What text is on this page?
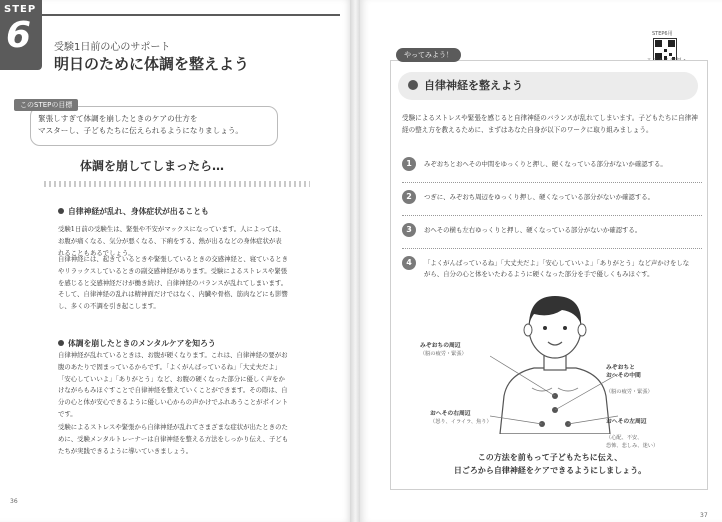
STEP
6 受験1日前の心のサポート
明日のために体調を整えよう
このSTEPの目標
緊張しすぎて体調を崩したときのケアの仕方を
マスターし、子どもたちに伝えられるようになりましょう。
体調を崩してしまったら…
自律神経が乱れ、身体症状が出ることも
受験1日前の受験生は、緊張や不安がマックスになっています。人によっては、お腹が痛くなる、気分が悪くなる、下痢をする、熱が出るなどの身体症状が表れることもあるでしょう。
自律神経には、起きているときや緊張しているときの交感神経と、寝ているときやリラックスしているときの副交感神経があります。受験によるストレスや緊張を感じると交感神経だけが働き続け、自律神経のバランスが乱れてしまいます。そして、自律神経の乱れは精神面だけではなく、内臓や骨格、筋肉などにも影響し、多くの不調を引き起こします。
体調を崩したときのメンタルケアを知ろう
自律神経が乱れているときは、お腹が硬くなります。これは、自律神経の要がお腹のあたりで固まっているからです。「よくがんばっているね」「大丈夫だよ」「安心していいよ」「ありがとう」など、お腹の硬くなった部分に優しく声をかけながらもみほぐすことで自律神経を整えていくことができます。その際は、自分の心と体が安心できるように優しい心からの声かけでふれあうことがポイントです。
受験によるストレスや緊張から自律神経が乱れてさまざまな症状が出たときのために、受験メンタルトレーナーは自律神経を整える方法をしっかり伝え、子どもたちが実践できるように導いていきましょう。
36
STEP6用
やってみよう！
自律神経を整えよう
受験によるストレスや緊張を感じると自律神経のバランスが乱れてしまいます。子どもたちに自律神経の整え方を教えるために、まずはあなた自身が以下のワークに取り組みましょう。
1	みぞおちとおへその中間をゆっくりと押し、硬くなっている部分がないか確認する。
2	つぎに、みぞおち周辺をゆっくり押し、硬くなっている部分がないか確認する。
3	おへその横も左右ゆっくりと押し、硬くなっている部分がないか確認する。
4	「よくがんばっているね」「大丈夫だよ」「安心していいよ」「ありがとう」など声かけをしながら、自分の心と体をいたわるように硬くなった部分を手で優しくもみほぐす。
みぞおちの周辺
（脳の疲労・緊張）

みぞおちと
おへその中間

（脳の疲労・緊張）

おへその右周辺
（怒り、イライラ、焦り）	おへその左周辺

（心配、不安、
恐怖、悲しみ、迷い）

この方法を前もって子どもたちに伝え、
日ごろから自律神経をケアできるようにしましょう。
37
